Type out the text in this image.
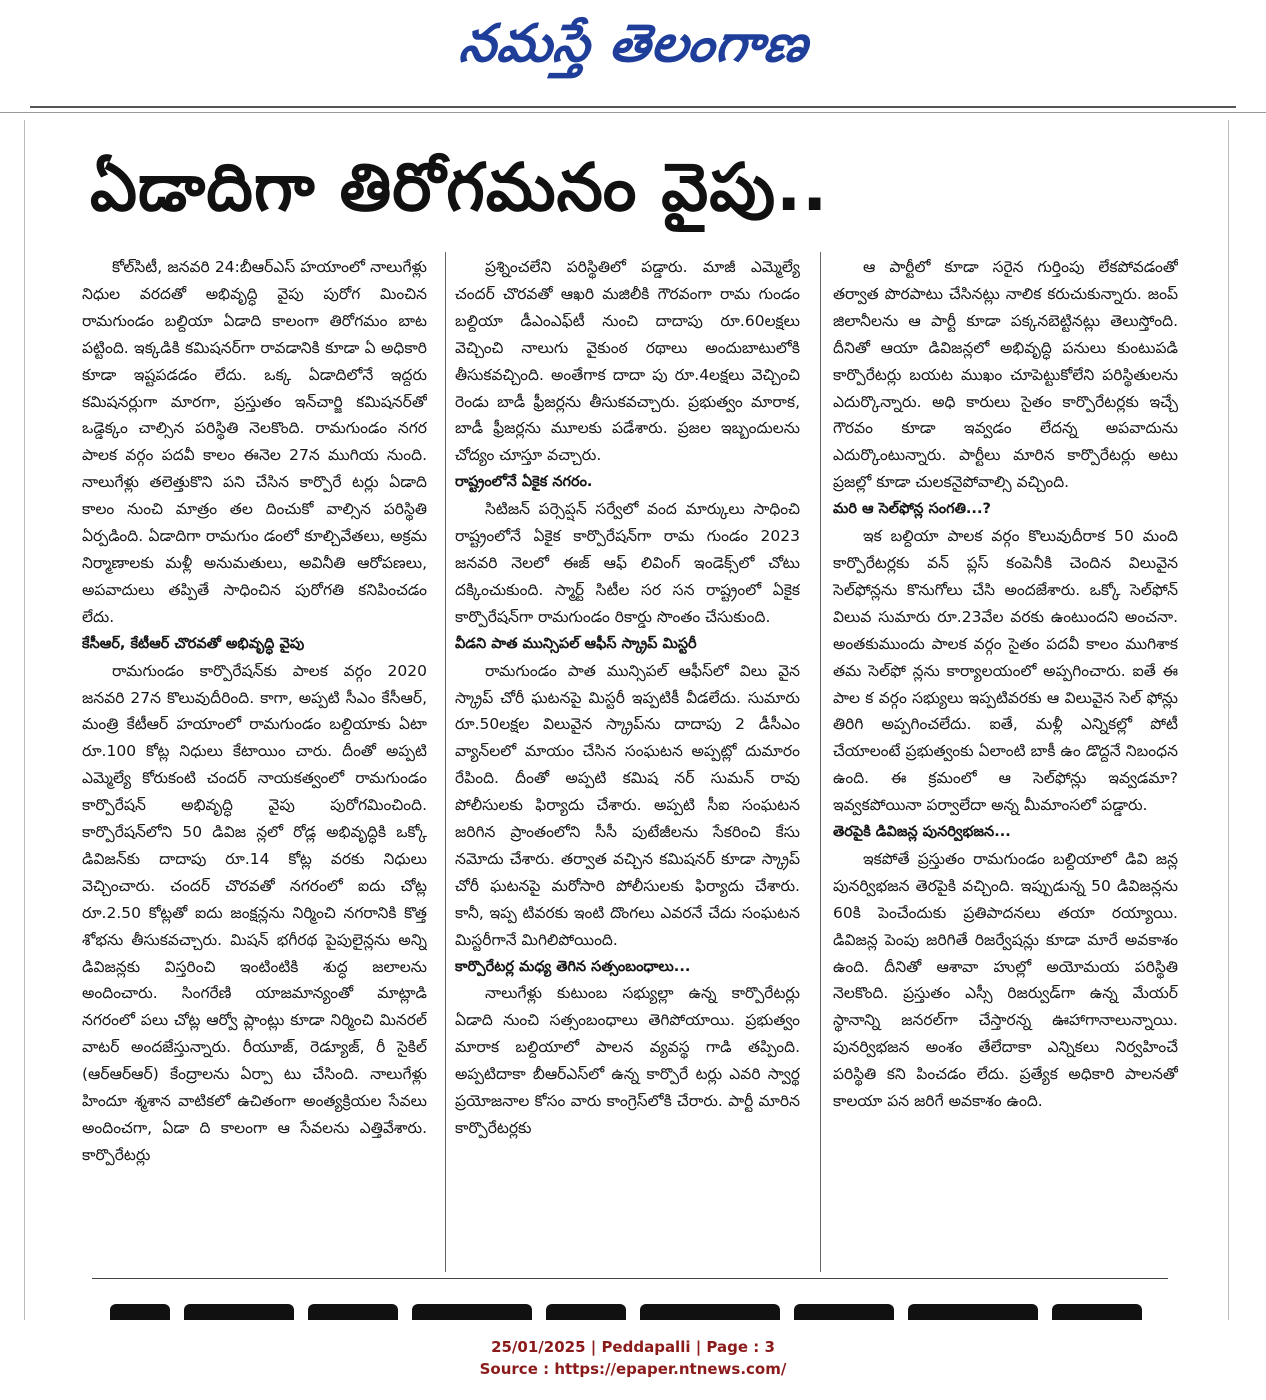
నమస్తే తెలంగాణ
ఏడాదిగా తిరోగమనం వైపు..

కోల్‌సిటీ, జనవరి 24:బీఆర్‌ఎస్‌ హయాంలో నాలుగేళ్లు నిధుల వరదతో అభివృద్ధి వైపు పురోగ మించిన రామగుండం బల్దియా ఏడాది కాలంగా తిరోగమం బాట పట్టింది. ఇక్కడికి కమిషనర్‌గా రావడానికి కూడా ఏ అధికారి కూడా ఇష్టపడడం లేదు. ఒక్క ఏడాదిలోనే ఇద్దరు కమిషనర్లుగా మారగా, ప్రస్తుతం ఇన్‌చార్జి కమిషనర్‌తో ఒడ్డెక్కం చాల్సిన పరిస్థితి నెలకొంది. రామగుండం నగర పాలక వర్గం పదవీ కాలం ఈనెల 27న ముగియ నుంది. నాలుగేళ్లు తలెత్తుకొని పని చేసిన కార్పొరే టర్లు ఏడాది కాలం నుంచి మాత్రం తల దించుకో వాల్సిన పరిస్థితి ఏర్పడింది. ఏడాదిగా రామగుం డంలో కూల్చివేతలు, అక్రమ నిర్మాణాలకు మళ్లీ అనుమతులు, అవినీతి ఆరోపణలు, అపవాదులు తప్పితే సాధించిన పురోగతి కనిపించడం లేదు.

కేసీఆర్‌, కేటీఆర్‌ చొరవతో అభివృద్ధి వైపు

రామగుండం కార్పొరేషన్‌కు పాలక వర్గం 2020 జనవరి 27న కొలువుదీరింది. కాగా, అప్పటి సీఎం కేసీఆర్‌, మంత్రి కేటీఆర్‌ హయాంలో రామగుండం బల్దియాకు ఏటా రూ.100 కోట్ల నిధులు కేటాయిం చారు. దీంతో అప్పటి ఎమ్మెల్యే కోరుకంటి చందర్‌ నాయకత్వంలో రామగుండం కార్పొరేషన్‌ అభివృద్ధి వైపు పురోగమించింది. కార్పొరేషన్‌లోని 50 డివిజ న్లలో రోడ్ల అభివృద్ధికి ఒక్కో డివిజన్‌కు దాదాపు రూ.14 కోట్ల వరకు నిధులు వెచ్చించారు. చందర్‌ చొరవతో నగరంలో ఐదు చోట్ల రూ.2.50 కోట్లతో ఐదు జంక్షన్లను నిర్మించి నగరానికి కొత్త శోభను తీసుకవచ్చారు. మిషన్‌ భగీరథ పైపులైన్లను అన్ని డివిజన్లకు విస్తరించి ఇంటింటికి శుద్ధ జలాలను అందించారు. సింగరేణి యాజమాన్యంతో మాట్లాడి నగరంలో పలు చోట్ల ఆర్వో ప్లాంట్లు కూడా నిర్మించి మినరల్‌ వాటర్‌ అందజేస్తున్నారు. రీయూజ్‌, రెడ్యూజ్‌, రీ సైకిల్‌ (ఆర్‌ఆర్‌ఆర్‌) కేంద్రాలను ఏర్పా టు చేసింది. నాలుగేళ్లు హిందూ శ్మశాన వాటికలో ఉచితంగా అంత్యక్రియల సేవలు అందించగా, ఏడా ది కాలంగా ఆ సేవలను ఎత్తివేశారు. కార్పొరేటర్లు

ప్రశ్నించలేని పరిస్థితిలో పడ్డారు. మాజీ ఎమ్మెల్యే చందర్‌ చొరవతో ఆఖరి మజిలీకి గౌరవంగా రామ గుండం బల్దియా డీఎంఎఫ్‌టీ నుంచి దాదాపు రూ.60లక్షలు వెచ్చించి నాలుగు వైకుంఠ రథాలు అందుబాటులోకి తీసుకవచ్చింది. అంతేగాక దాదా పు రూ.4లక్షలు వెచ్చించి రెండు బాడీ ఫ్రీజర్లను తీసుకవచ్చారు. ప్రభుత్వం మారాక, బాడీ ఫ్రీజర్లను మూలకు పడేశారు. ప్రజల ఇబ్బందులను చోద్యం చూస్తూ వచ్చారు.

రాష్ట్రంలోనే ఏకైక నగరం.

సిటిజన్‌ పర్సెప్షన్‌ సర్వేలో వంద మార్కులు సాధించి రాష్ట్రంలోనే ఏకైక కార్పొరేషన్‌గా రామ గుండం 2023 జనవరి నెలలో ఈజ్‌ ఆఫ్‌ లివింగ్‌ ఇండెక్స్‌లో చోటు దక్కించుకుంది. స్మార్ట్‌ సిటీల సర సన రాష్ట్రంలో ఏకైక కార్పొరేషన్‌గా రామగుండం రికార్డు సొంతం చేసుకుంది.

వీడని పాత మున్సిపల్‌ ఆఫీస్‌ స్క్రాప్‌ మిస్టరీ

రామగుండం పాత మున్సిపల్‌ ఆఫీస్‌లో విలు వైన స్క్రాప్‌ చోరీ ఘటనపై మిస్టరీ ఇప్పటికీ వీడలేదు. సుమారు రూ.50లక్షల విలువైన స్క్రాప్‌ను దాదాపు 2 డీసీఎం వ్యాన్‌లలో మాయం చేసిన సంఘటన అప్పట్లో దుమారం రేపింది. దీంతో అప్పటి కమిష నర్‌ సుమన్‌ రావు పోలీసులకు ఫిర్యాదు చేశారు. అప్పటి సీఐ సంఘటన జరిగిన ప్రాంతంలోని సీసీ పుటేజీలను సేకరించి కేసు నమోదు చేశారు. తర్వాత వచ్చిన కమిషనర్‌ కూడా స్క్రాప్‌ చోరీ ఘటనపై మరోసారి పోలీసులకు ఫిర్యాదు చేశారు. కానీ, ఇప్ప టివరకు ఇంటి దొంగలు ఎవరనే చేదు సంఘటన మిస్టరీగానే మిగిలిపోయింది.

కార్పొరేటర్ల మధ్య తెగిన సత్సంబంధాలు...

నాలుగేళ్లు కుటుంబ సభ్యుల్లా ఉన్న కార్పొరేటర్లు ఏడాది నుంచి సత్సంబంధాలు తెగిపోయాయి. ప్రభుత్వం మారాక బల్దియాలో పాలన వ్యవస్థ గాడి తప్పింది. అప్పటిదాకా బీఆర్‌ఎస్‌లో ఉన్న కార్పొరే టర్లు ఎవరి స్వార్థ ప్రయోజనాల కోసం వారు కాంగ్రెస్‌లోకి చేరారు. పార్టీ మారిన కార్పొరేటర్లకు

ఆ పార్టీలో కూడా సరైన గుర్తింపు లేకపోవడంతో తర్వాత పొరపాటు చేసినట్లు నాలిక కరుచుకున్నారు. జంప్‌ జిలానీలను ఆ పార్టీ కూడా పక్కనబెట్టినట్లు తెలుస్తోంది. దీనితో ఆయా డివిజన్లలో అభివృద్ధి పనులు కుంటుపడి కార్పొరేటర్లు బయట ముఖం చూపెట్టుకోలేని పరిస్థితులను ఎదుర్కొన్నారు. అధి కారులు సైతం కార్పొరేటర్లకు ఇచ్చే గౌరవం కూడా ఇవ్వడం లేదన్న అపవాదును ఎదుర్కొంటున్నారు. పార్టీలు మారిన కార్పొరేటర్లు అటు ప్రజల్లో కూడా చులకనైపోవాల్సి వచ్చింది.

మరి ఆ సెల్‌ఫోన్ల సంగతి...?

ఇక బల్దియా పాలక వర్గం కొలువుదీరాక 50 మంది కార్పొరేటర్లకు వన్‌ ప్లస్‌ కంపెనీకి చెందిన విలువైన సెల్‌ఫోన్లను కొనుగోలు చేసి అందజేశారు. ఒక్కో సెల్‌ఫోన్‌ విలువ సుమారు రూ.23వేల వరకు ఉంటుందని అంచనా. అంతకుముందు పాలక వర్గం సైతం పదవీ కాలం ముగిశాక తమ సెల్‌ఫో న్లను కార్యాలయంలో అప్పగించారు. ఐతే ఈ పాల క వర్గం సభ్యులు ఇప్పటివరకు ఆ విలువైన సెల్‌ ఫోన్లు తిరిగి అప్పగించలేదు. ఐతే, మళ్లీ ఎన్నికల్లో పోటీ చేయాలంటే ప్రభుత్వంకు ఏలాంటి బాకీ ఉం డొద్దనే నిబంధన ఉంది. ఈ క్రమంలో ఆ సెల్‌ఫోన్లు ఇవ్వడమా? ఇవ్వకపోయినా పర్వాలేదా అన్న మీమాంసలో పడ్డారు.

తెరపైకి డివిజన్ల పునర్విభజన...

ఇకపోతే ప్రస్తుతం రామగుండం బల్దియాలో డివి జన్ల పునర్విభజన తెరపైకి వచ్చింది. ఇప్పుడున్న 50 డివిజన్లను 60కి పెంచేందుకు ప్రతిపాదనలు తయా రయ్యాయి. డివిజన్ల పెంపు జరిగితే రిజర్వేషన్లు కూడా మారే అవకాశం ఉంది. దీనితో ఆశావా హుల్లో అయోమయ పరిస్థితి నెలకొంది. ప్రస్తుతం ఎస్సీ రిజర్వుడ్‌గా ఉన్న మేయర్‌ స్థానాన్ని జనరల్‌గా చేస్తారన్న ఊహాగానాలున్నాయి. పునర్విభజన అంశం తేలేదాకా ఎన్నికలు నిర్వహించే పరిస్థితి కని పించడం లేదు. ప్రత్యేక అధికారి పాలనతో కాలయా పన జరిగే అవకాశం ఉంది.

25/01/2025 | Peddapalli | Page : 3
Source : https://epaper.ntnews.com/
